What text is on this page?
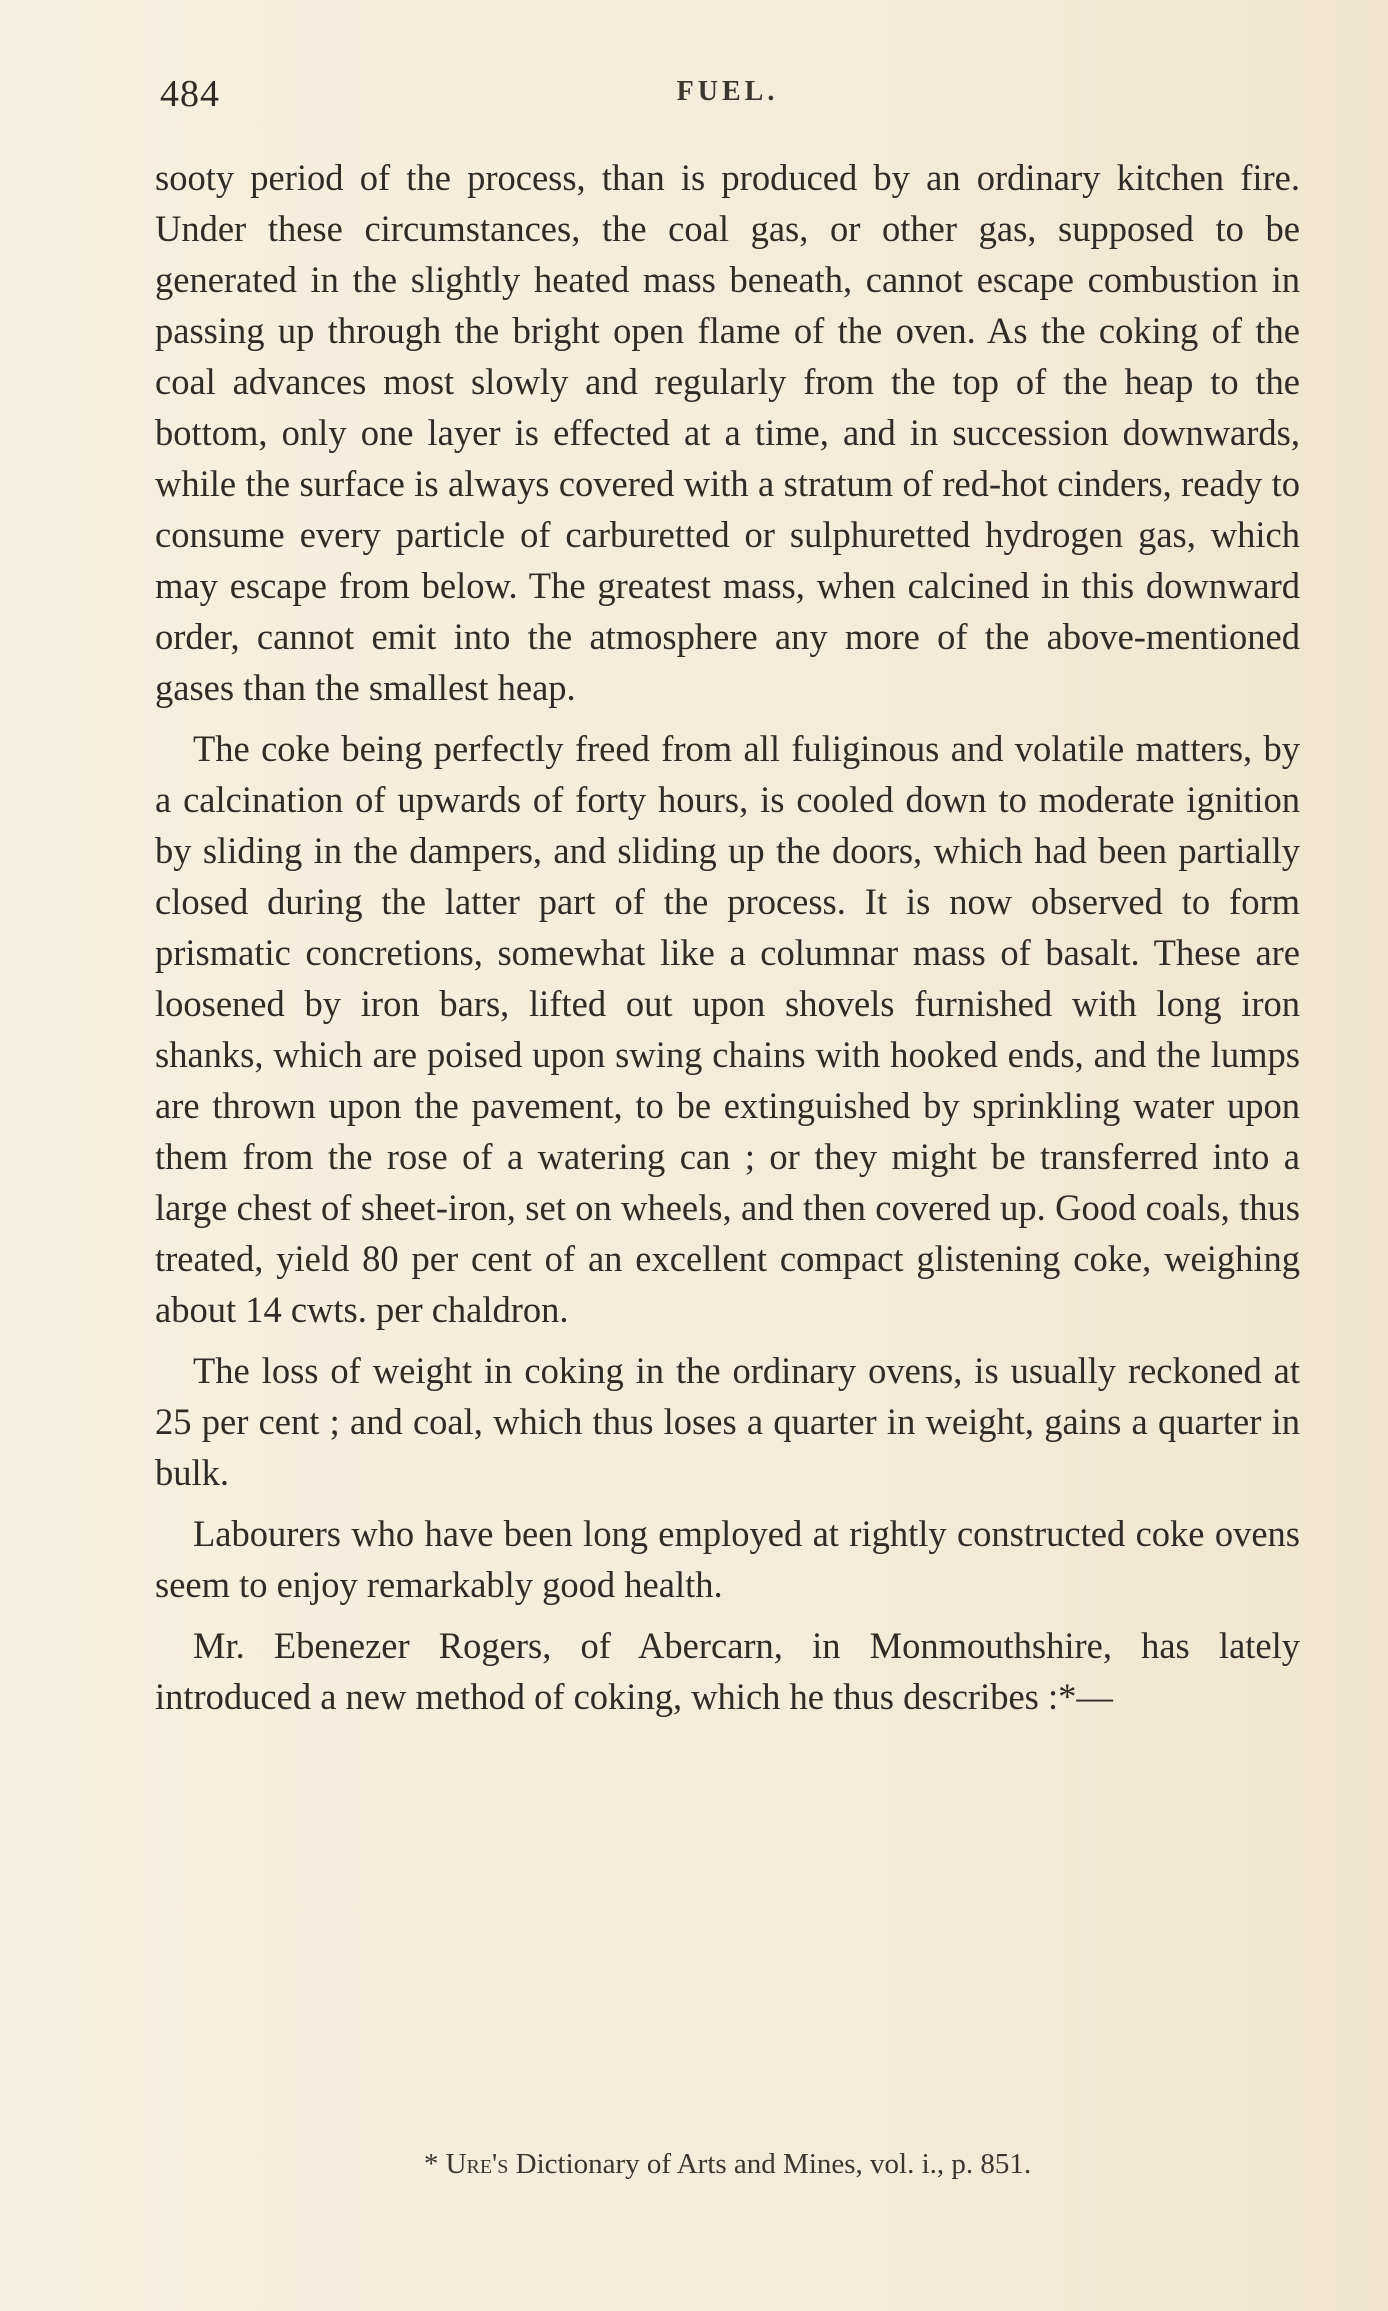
484	FUEL.

sooty period of the process, than is produced by an ordinary kitchen fire. Under these circumstances, the coal gas, or other gas, supposed to be generated in the slightly heated mass beneath, cannot escape combustion in passing up through the bright open flame of the oven. As the coking of the coal advances most slowly and regularly from the top of the heap to the bottom, only one layer is effected at a time, and in succession downwards, while the surface is always covered with a stratum of red-hot cinders, ready to consume every particle of carburetted or sulphuretted hydrogen gas, which may escape from below. The greatest mass, when calcined in this downward order, cannot emit into the atmosphere any more of the above-mentioned gases than the smallest heap.

The coke being perfectly freed from all fuliginous and volatile matters, by a calcination of upwards of forty hours, is cooled down to moderate ignition by sliding in the dampers, and sliding up the doors, which had been partially closed during the latter part of the process. It is now observed to form prismatic concretions, somewhat like a columnar mass of basalt. These are loosened by iron bars, lifted out upon shovels furnished with long iron shanks, which are poised upon swing chains with hooked ends, and the lumps are thrown upon the pavement, to be extinguished by sprinkling water upon them from the rose of a watering can ; or they might be transferred into a large chest of sheet-iron, set on wheels, and then covered up. Good coals, thus treated, yield 80 per cent of an excellent compact glistening coke, weighing about 14 cwts. per chaldron.

The loss of weight in coking in the ordinary ovens, is usually reckoned at 25 per cent ; and coal, which thus loses a quarter in weight, gains a quarter in bulk.

Labourers who have been long employed at rightly constructed coke ovens seem to enjoy remarkably good health.

Mr. Ebenezer Rogers, of Abercarn, in Monmouthshire, has lately introduced a new method of coking, which he thus describes :*—

* Ure's Dictionary of Arts and Mines, vol. i., p. 851.
